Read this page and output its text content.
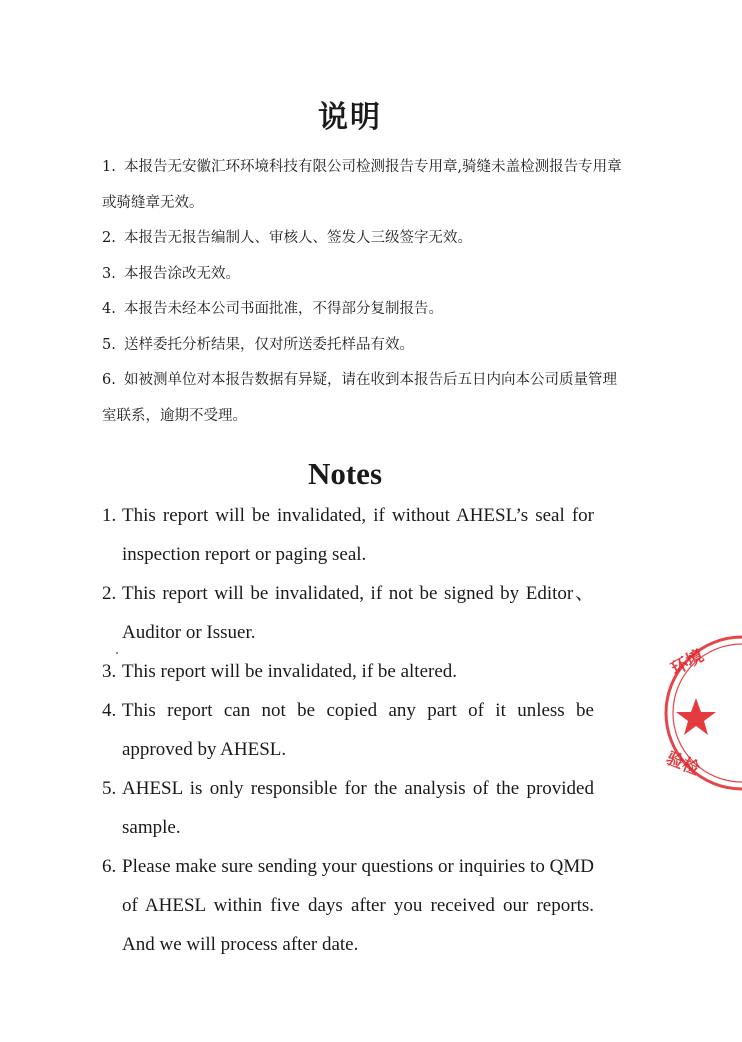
说明
1. 本报告无安徽汇环环境科技有限公司检测报告专用章,骑缝未盖检测报告专用章或骑缝章无效。
2. 本报告无报告编制人、审核人、签发人三级签字无效。
3. 本报告涂改无效。
4. 本报告未经本公司书面批准，不得部分复制报告。
5. 送样委托分析结果，仅对所送委托样品有效。
6. 如被测单位对本报告数据有异疑，请在收到本报告后五日内向本公司质量管理室联系，逾期不受理。
Notes
1. This report will be invalidated, if without AHESL’s seal for inspection report or paging seal.
2. This report will be invalidated, if not be signed by Editor、Auditor or Issuer.
3. This report will be invalidated, if be altered.
4. This report can not be copied any part of it unless be approved by AHESL.
5. AHESL is only responsible for the analysis of the provided sample.
6. Please make sure sending your questions or inquiries to QMD of AHESL within five days after you received our reports. And we will process after date.
环境
验检
